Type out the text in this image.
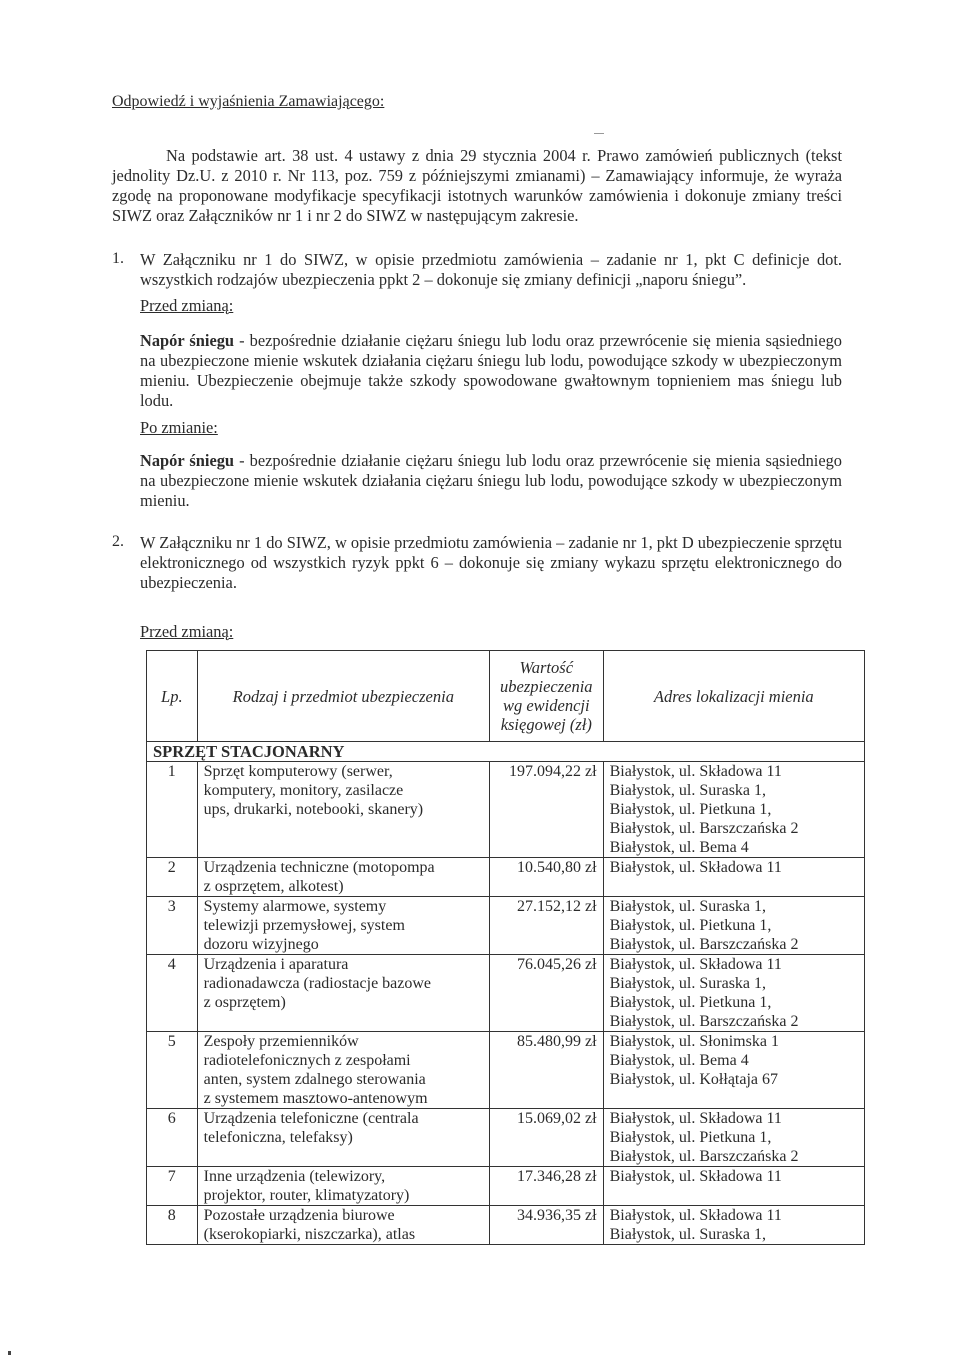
Odpowiedź i wyjaśnienia Zamawiającego:
Na podstawie art. 38 ust. 4 ustawy z dnia 29 stycznia 2004 r. Prawo zamówień publicznych (tekst jednolity Dz.U. z 2010 r. Nr 113, poz. 759 z późniejszymi zmianami) – Zamawiający informuje, że wyraża zgodę na proponowane modyfikacje specyfikacji istotnych warunków zamówienia i dokonuje zmiany treści SIWZ oraz Załączników nr 1 i nr 2 do SIWZ w następującym zakresie.
1. W Załączniku nr 1 do SIWZ, w opisie przedmiotu zamówienia – zadanie nr 1, pkt C definicje dot. wszystkich rodzajów ubezpieczenia ppkt 2 – dokonuje się zmiany definicji „naporu śniegu”.
Przed zmianą:
Napór śniegu - bezpośrednie działanie ciężaru śniegu lub lodu oraz przewrócenie się mienia sąsiedniego na ubezpieczone mienie wskutek działania ciężaru śniegu lub lodu, powodujące szkody w ubezpieczonym mieniu. Ubezpieczenie obejmuje także szkody spowodowane gwałtownym topnieniem mas śniegu lub lodu.
Po zmianie:
Napór śniegu - bezpośrednie działanie ciężaru śniegu lub lodu oraz przewrócenie się mienia sąsiedniego na ubezpieczone mienie wskutek działania ciężaru śniegu lub lodu, powodujące szkody w ubezpieczonym mieniu.
2. W Załączniku nr 1 do SIWZ, w opisie przedmiotu zamówienia – zadanie nr 1, pkt D ubezpieczenie sprzętu elektronicznego od wszystkich ryzyk ppkt 6 – dokonuje się zmiany wykazu sprzętu elektronicznego do ubezpieczenia.
Przed zmianą:
Lp.	Rodzaj i przedmiot ubezpieczenia	Wartość ubezpieczenia wg ewidencji księgowej (zł)	Adres lokalizacji mienia
SPRZĘT STACJONARNY			
1	Sprzęt komputerowy (serwer,
komputery, monitory, zasilacze
ups, drukarki, notebooki, skanery)	197.094,22 zł	Białystok, ul. Składowa 11
Białystok, ul. Suraska 1,
Białystok, ul. Pietkuna 1,
Białystok, ul. Barszczańska 2
Białystok, ul. Bema 4

2	Urządzenia techniczne (motopompa
z osprzętem, alkotest)	10.540,80 zł	Białystok, ul. Składowa 11

3	Systemy alarmowe, systemy
telewizji przemysłowej, system
dozoru wizyjnego	27.152,12 zł	Białystok, ul. Suraska 1,
Białystok, ul. Pietkuna 1,
Białystok, ul. Barszczańska 2

4	Urządzenia i aparatura
radionadawcza (radiostacje bazowe
z osprzętem)	76.045,26 zł	Białystok, ul. Składowa 11
Białystok, ul. Suraska 1,
Białystok, ul. Pietkuna 1,
Białystok, ul. Barszczańska 2

5	Zespoły przemienników
radiotelefonicznych z zespołami
anten, system zdalnego sterowania
z systemem masztowo-antenowym	85.480,99 zł	Białystok, ul. Słonimska 1
Białystok, ul. Bema 4
Białystok, ul. Kołłątaja 67

6	Urządzenia telefoniczne (centrala
telefoniczna, telefaksy)	15.069,02 zł	Białystok, ul. Składowa 11
Białystok, ul. Pietkuna 1,
Białystok, ul. Barszczańska 2

7	Inne urządzenia (telewizory,
projektor, router, klimatyzatory)	17.346,28 zł	Białystok, ul. Składowa 11

8	Pozostałe urządzenia biurowe
(kserokopiarki, niszczarka), atlas	34.936,35 zł	Białystok, ul. Składowa 11
Białystok, ul. Suraska 1,
